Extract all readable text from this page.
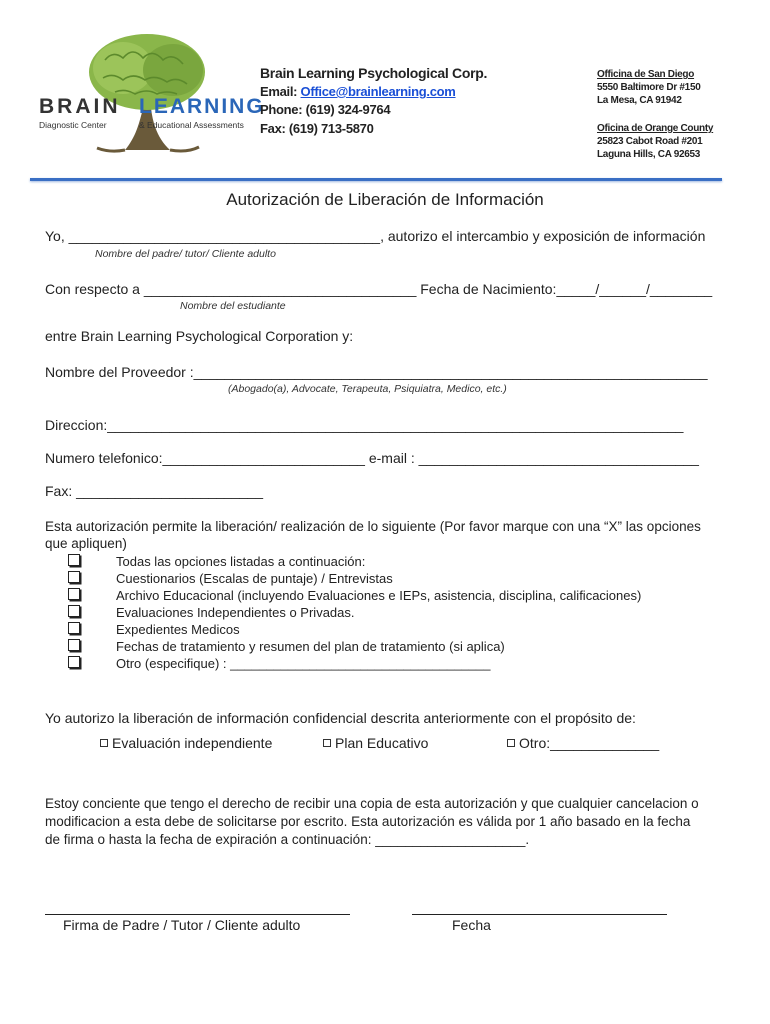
BRAIN LEARNING
Diagnostic Center	& Educational Assessments
Brain Learning Psychological Corp.
Email: Office@brainlearning.com
Phone: (619) 324-9764
Fax: (619) 713-5870
Officina de San Diego
5550 Baltimore Dr #150
La Mesa, CA 91942
Oficina de Orange County
25823 Cabot Road #201
Laguna Hills, CA 92653
Autorización de Liberación de Información
Yo, ________________________________________, autorizo el intercambio y exposición de información
Nombre del padre/ tutor/ Cliente adulto
Con respecto a ___________________________________ Fecha de Nacimiento:_____/______/________
Nombre del estudiante
entre Brain Learning Psychological Corporation y:
Nombre del Proveedor :__________________________________________________________________
(Abogado(a), Advocate, Terapeuta, Psiquiatra, Medico, etc.)
Direccion:__________________________________________________________________________
Numero telefonico:__________________________ e-mail : ____________________________________
Fax: ________________________
Esta autorización permite la liberación/ realización de lo siguiente (Por favor marque con una “X” las opciones
que apliquen)
Todas las opciones listadas a continuación:
Cuestionarios (Escalas de puntaje) / Entrevistas
Archivo Educacional (incluyendo Evaluaciones e IEPs, asistencia, disciplina, calificaciones)
Evaluaciones Independientes o Privadas.
Expedientes Medicos
Fechas de tratamiento y resumen del plan de tratamiento (si aplica)
Otro (especifique) : ____________________________________
Yo autorizo la liberación de información confidencial descrita anteriormente con el propósito de:
Evaluación independiente	Plan Educativo	Otro:______________
Estoy conciente que tengo el derecho de recibir una copia de esta autorización y que cualquier cancelacion o
modificacion a esta debe de solicitarse por escrito. Esta autorización es válida por 1 año basado en la fecha
de firma o hasta la fecha de expiración a continuación: ____________________.
Firma de Padre / Tutor / Cliente adulto	Fecha
